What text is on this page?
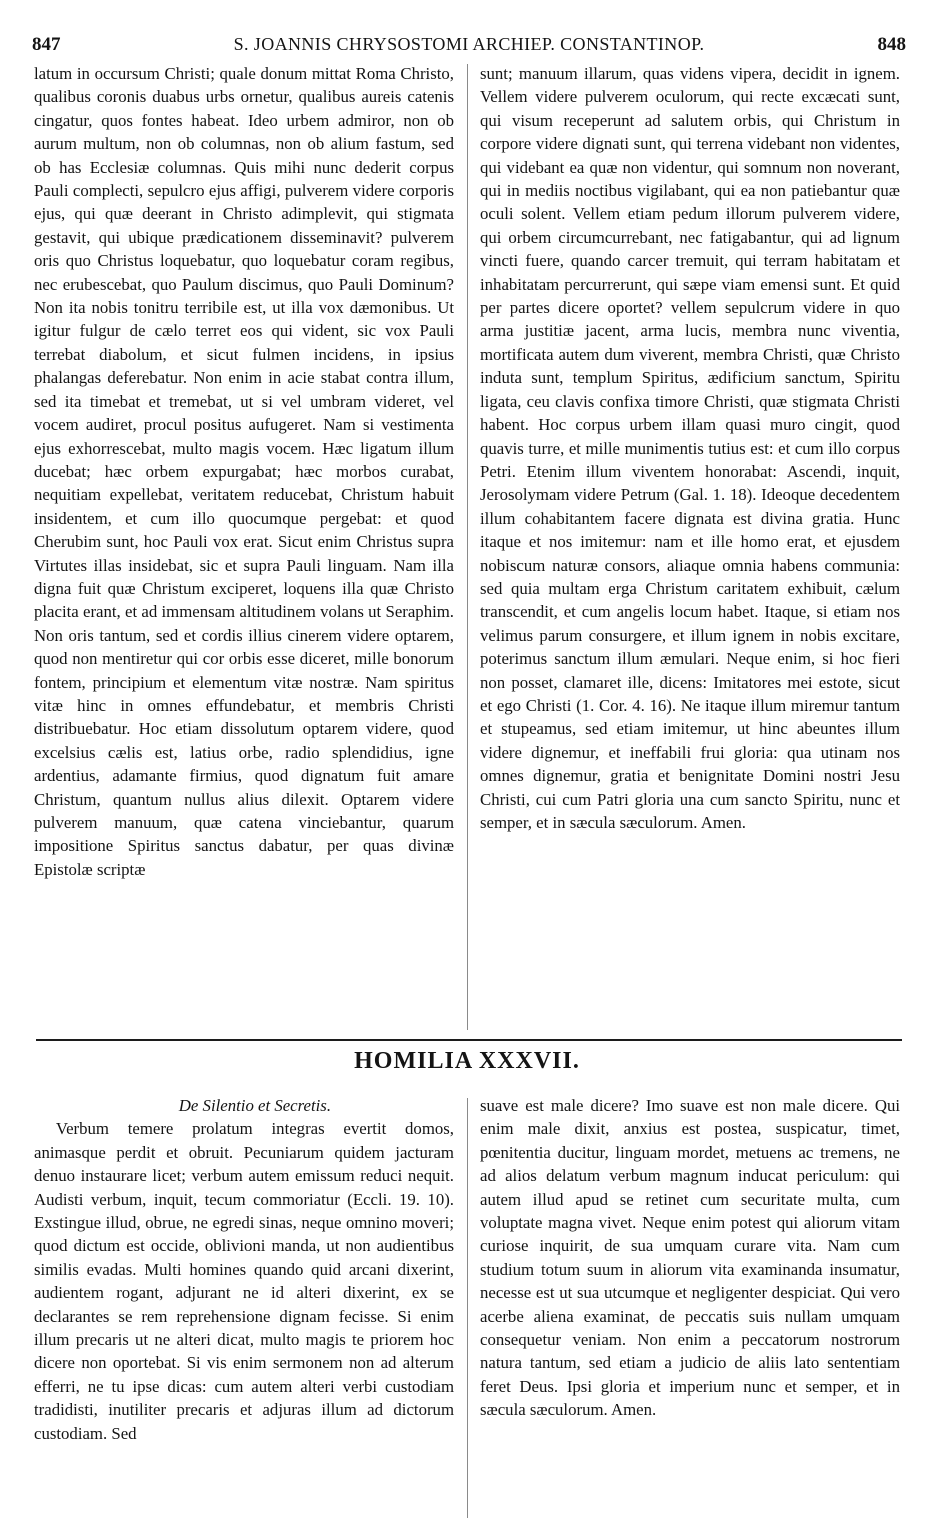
847	S. JOANNIS CHRYSOSTOMI ARCHIEP. CONSTANTINOP.	848

latum in occursum Christi; quale donum mittat Roma Christo, qualibus coronis duabus urbs ornetur, qualibus aureis catenis cingatur, quos fontes habeat. Ideo urbem admiror, non ob aurum multum, non ob columnas, non ob alium fastum, sed ob has Ecclesiæ columnas. Quis mihi nunc dederit corpus Pauli complecti, sepulcro ejus affigi, pulverem videre corporis ejus, qui quæ deerant in Christo adimplevit, qui stigmata gestavit, qui ubique prædicationem disseminavit? pulverem oris quo Christus loquebatur, quo loquebatur coram regibus, nec erubescebat, quo Paulum discimus, quo Pauli Dominum? Non ita nobis tonitru terribile est, ut illa vox dæmonibus. Ut igitur fulgur de cælo terret eos qui vident, sic vox Pauli terrebat diabolum, et sicut fulmen incidens, in ipsius phalangas deferebatur. Non enim in acie stabat contra illum, sed ita timebat et tremebat, ut si vel umbram videret, vel vocem audiret, procul positus aufugeret. Nam si vestimenta ejus exhorrescebat, multo magis vocem. Hæc ligatum illum ducebat; hæc orbem expurgabat; hæc morbos curabat, nequitiam expellebat, veritatem reducebat, Christum habuit insidentem, et cum illo quocumque pergebat: et quod Cherubim sunt, hoc Pauli vox erat. Sicut enim Christus supra Virtutes illas insidebat, sic et supra Pauli linguam. Nam illa digna fuit quæ Christum exciperet, loquens illa quæ Christo placita erant, et ad immensam altitudinem volans ut Seraphim. Non oris tantum, sed et cordis illius cinerem videre optarem, quod non mentiretur qui cor orbis esse diceret, mille bonorum fontem, principium et elementum vitæ nostræ. Nam spiritus vitæ hinc in omnes effundebatur, et membris Christi distribuebatur. Hoc etiam dissolutum optarem videre, quod excelsius cælis est, latius orbe, radio splendidius, igne ardentius, adamante firmius, quod dignatum fuit amare Christum, quantum nullus alius dilexit. Optarem videre pulverem manuum, quæ catena vinciebantur, quarum impositione Spiritus sanctus dabatur, per quas divinæ Epistolæ scriptæ

sunt; manuum illarum, quas videns vipera, decidit in ignem. Vellem videre pulverem oculorum, qui recte excæcati sunt, qui visum receperunt ad salutem orbis, qui Christum in corpore videre dignati sunt, qui terrena videbant non videntes, qui videbant ea quæ non videntur, qui somnum non noverant, qui in mediis noctibus vigilabant, qui ea non patiebantur quæ oculi solent. Vellem etiam pedum illorum pulverem videre, qui orbem circumcurrebant, nec fatigabantur, qui ad lignum vincti fuere, quando carcer tremuit, qui terram habitatam et inhabitatam percurrerunt, qui sæpe viam emensi sunt. Et quid per partes dicere oportet? vellem sepulcrum videre in quo arma justitiæ jacent, arma lucis, membra nunc viventia, mortificata autem dum viverent, membra Christi, quæ Christo induta sunt, templum Spiritus, ædificium sanctum, Spiritu ligata, ceu clavis confixa timore Christi, quæ stigmata Christi habent. Hoc corpus urbem illam quasi muro cingit, quod quavis turre, et mille munimentis tutius est: et cum illo corpus Petri. Etenim illum viventem honorabat: Ascendi, inquit, Jerosolymam videre Petrum (Gal. 1. 18). Ideoque decedentem illum cohabitantem facere dignata est divina gratia. Hunc itaque et nos imitemur: nam et ille homo erat, et ejusdem nobiscum naturæ consors, aliaque omnia habens communia: sed quia multam erga Christum caritatem exhibuit, cælum transcendit, et cum angelis locum habet. Itaque, si etiam nos velimus parum consurgere, et illum ignem in nobis excitare, poterimus sanctum illum æmulari. Neque enim, si hoc fieri non posset, clamaret ille, dicens: Imitatores mei estote, sicut et ego Christi (1. Cor. 4. 16). Ne itaque illum miremur tantum et stupeamus, sed etiam imitemur, ut hinc abeuntes illum videre dignemur, et ineffabili frui gloria: qua utinam nos omnes dignemur, gratia et benignitate Domini nostri Jesu Christi, cui cum Patri gloria una cum sancto Spiritu, nunc et semper, et in sæcula sæculorum. Amen.

HOMILIA XXXVII.

De Silentio et Secretis.

Verbum temere prolatum integras evertit domos, animasque perdit et obruit. Pecuniarum quidem jacturam denuo instaurare licet; verbum autem emissum reduci nequit. Audisti verbum, inquit, tecum commoriatur (Eccli. 19. 10). Exstingue illud, obrue, ne egredi sinas, neque omnino moveri; quod dictum est occide, oblivioni manda, ut non audientibus similis evadas. Multi homines quando quid arcani dixerint, audientem rogant, adjurant ne id alteri dixerint, ex se declarantes se rem reprehensione dignam fecisse. Si enim illum precaris ut ne alteri dicat, multo magis te priorem hoc dicere non oportebat. Si vis enim sermonem non ad alterum efferri, ne tu ipse dicas: cum autem alteri verbi custodiam tradidisti, inutiliter precaris et adjuras illum ad dictorum custodiam. Sed

suave est male dicere? Imo suave est non male dicere. Qui enim male dixit, anxius est postea, suspicatur, timet, pœnitentia ducitur, linguam mordet, metuens ac tremens, ne ad alios delatum verbum magnum inducat periculum: qui autem illud apud se retinet cum securitate multa, cum voluptate magna vivet. Neque enim potest qui aliorum vitam curiose inquirit, de sua umquam curare vita. Nam cum studium totum suum in aliorum vita examinanda insumatur, necesse est ut sua utcumque et negligenter despiciat. Qui vero acerbe aliena examinat, de peccatis suis nullam umquam consequetur veniam. Non enim a peccatorum nostrorum natura tantum, sed etiam a judicio de aliis lato sententiam feret Deus. Ipsi gloria et imperium nunc et semper, et in sæcula sæculorum. Amen.
